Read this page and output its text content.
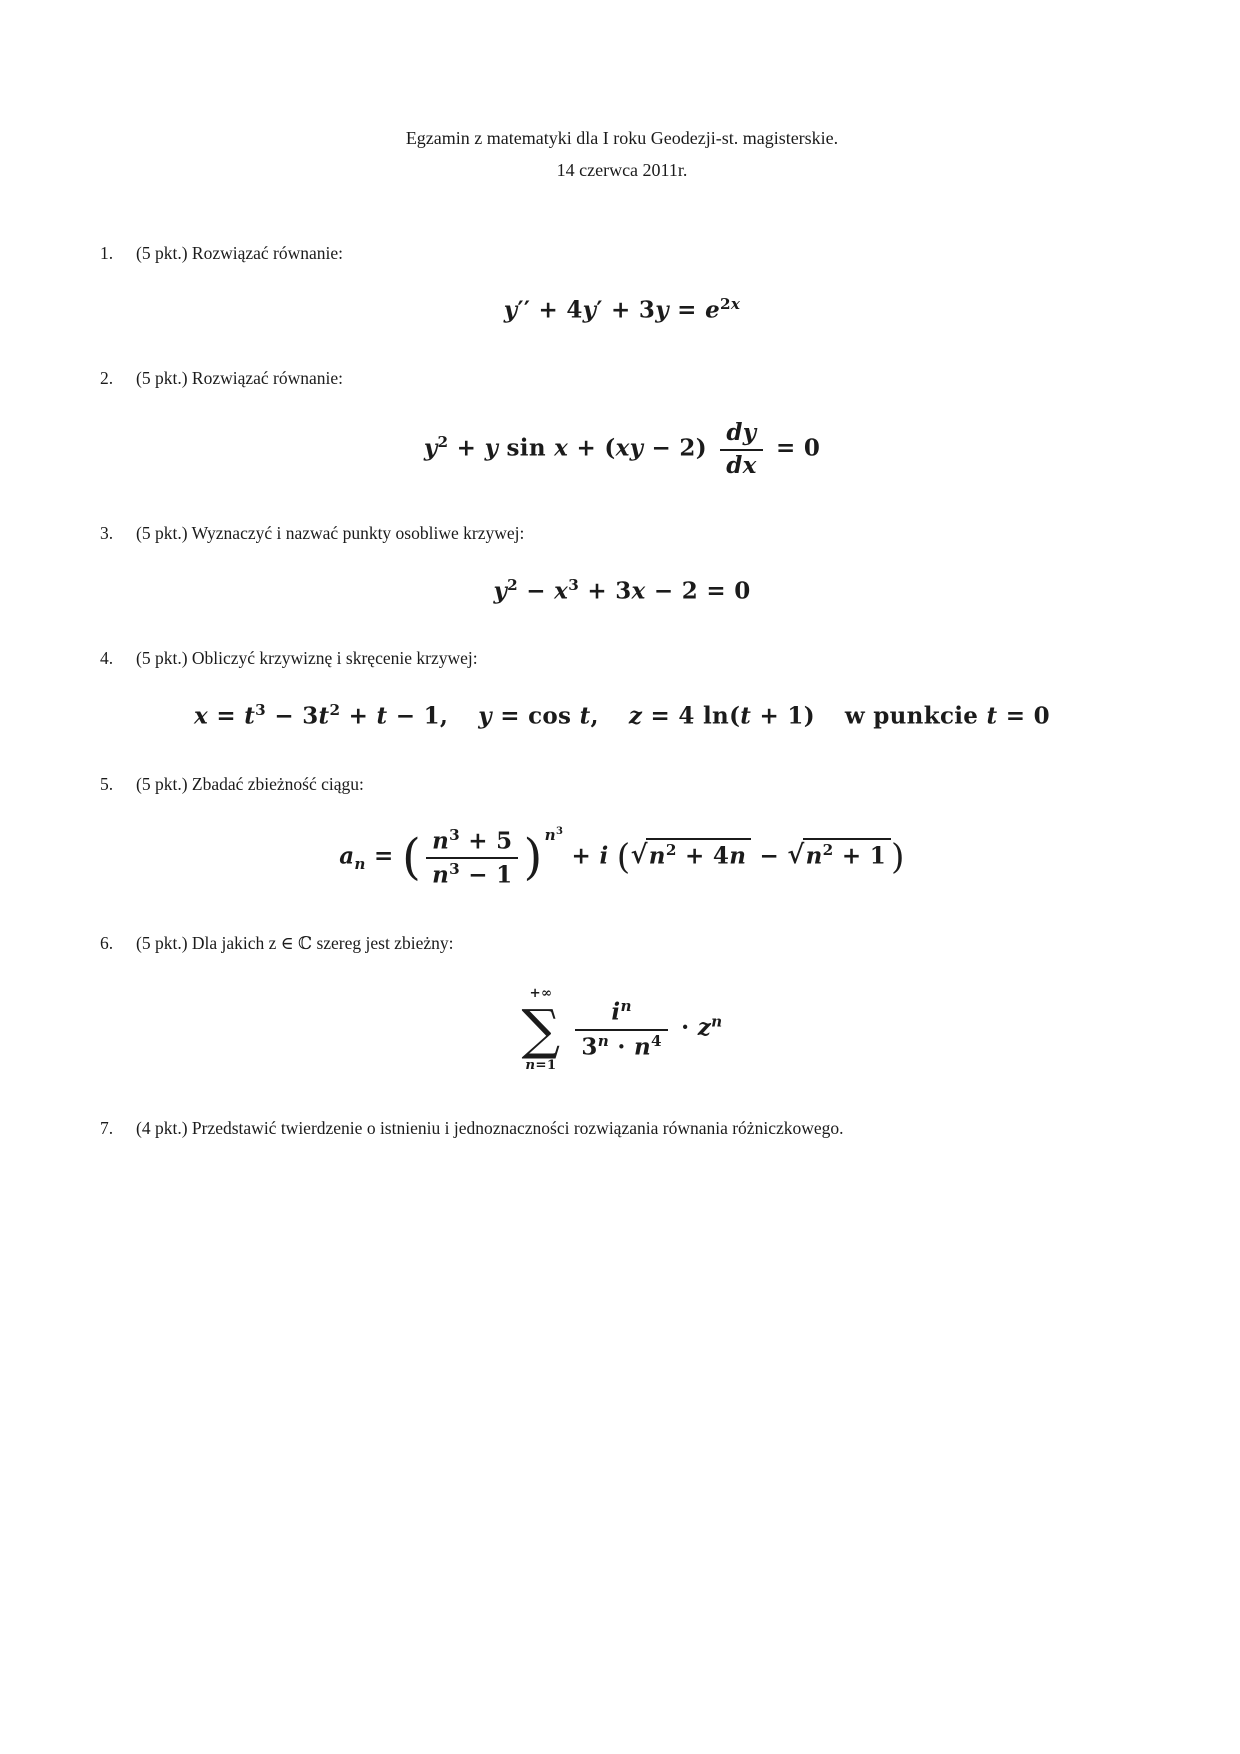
Egzamin z matematyki dla I roku Geodezji-st. magisterskie.
14 czerwca 2011r.
1.	(5 pkt.) Rozwiązać równanie:
$y'' + 4y' + 3y = e^{2x}$
2.	(5 pkt.) Rozwiązać równanie:
$y^2 + y$ $\sin x + (xy - 2) \frac{dy}{dx} = 0$
3.	(5 pkt.) Wyznaczyć i nazwać punkty osobliwe krzywej:
$y^2 - x^3 + 3x - 2 = 0$
4.	(5 pkt.) Obliczyć krzywiznę i skręcenie krzywej:
$x = t^3 - 3t^2 + t - 1$, y = cos t, z = 4 ln(t + 1) w punkcie t = 0
5.	(5 pkt.) Zbadać zbieżność ciągu:
$a_n$ = ( $\frac{n^3 + 5}{n^3 - 1}$ ) $^{n^3}$ + i ($√n^2 + 4n - √n^2 + 1$ )
6.	(5 pkt.) Dla jakich z ∈ ℂ szereg jest zbieżny:
+∞
∑
n=1
$\frac{i^n}{3^n \cdot n^4} \cdot z^n$
7.	(4 pkt.) Przedstawić twierdzenie o istnieniu i jednoznaczności rozwiązania równania różniczkowego.
